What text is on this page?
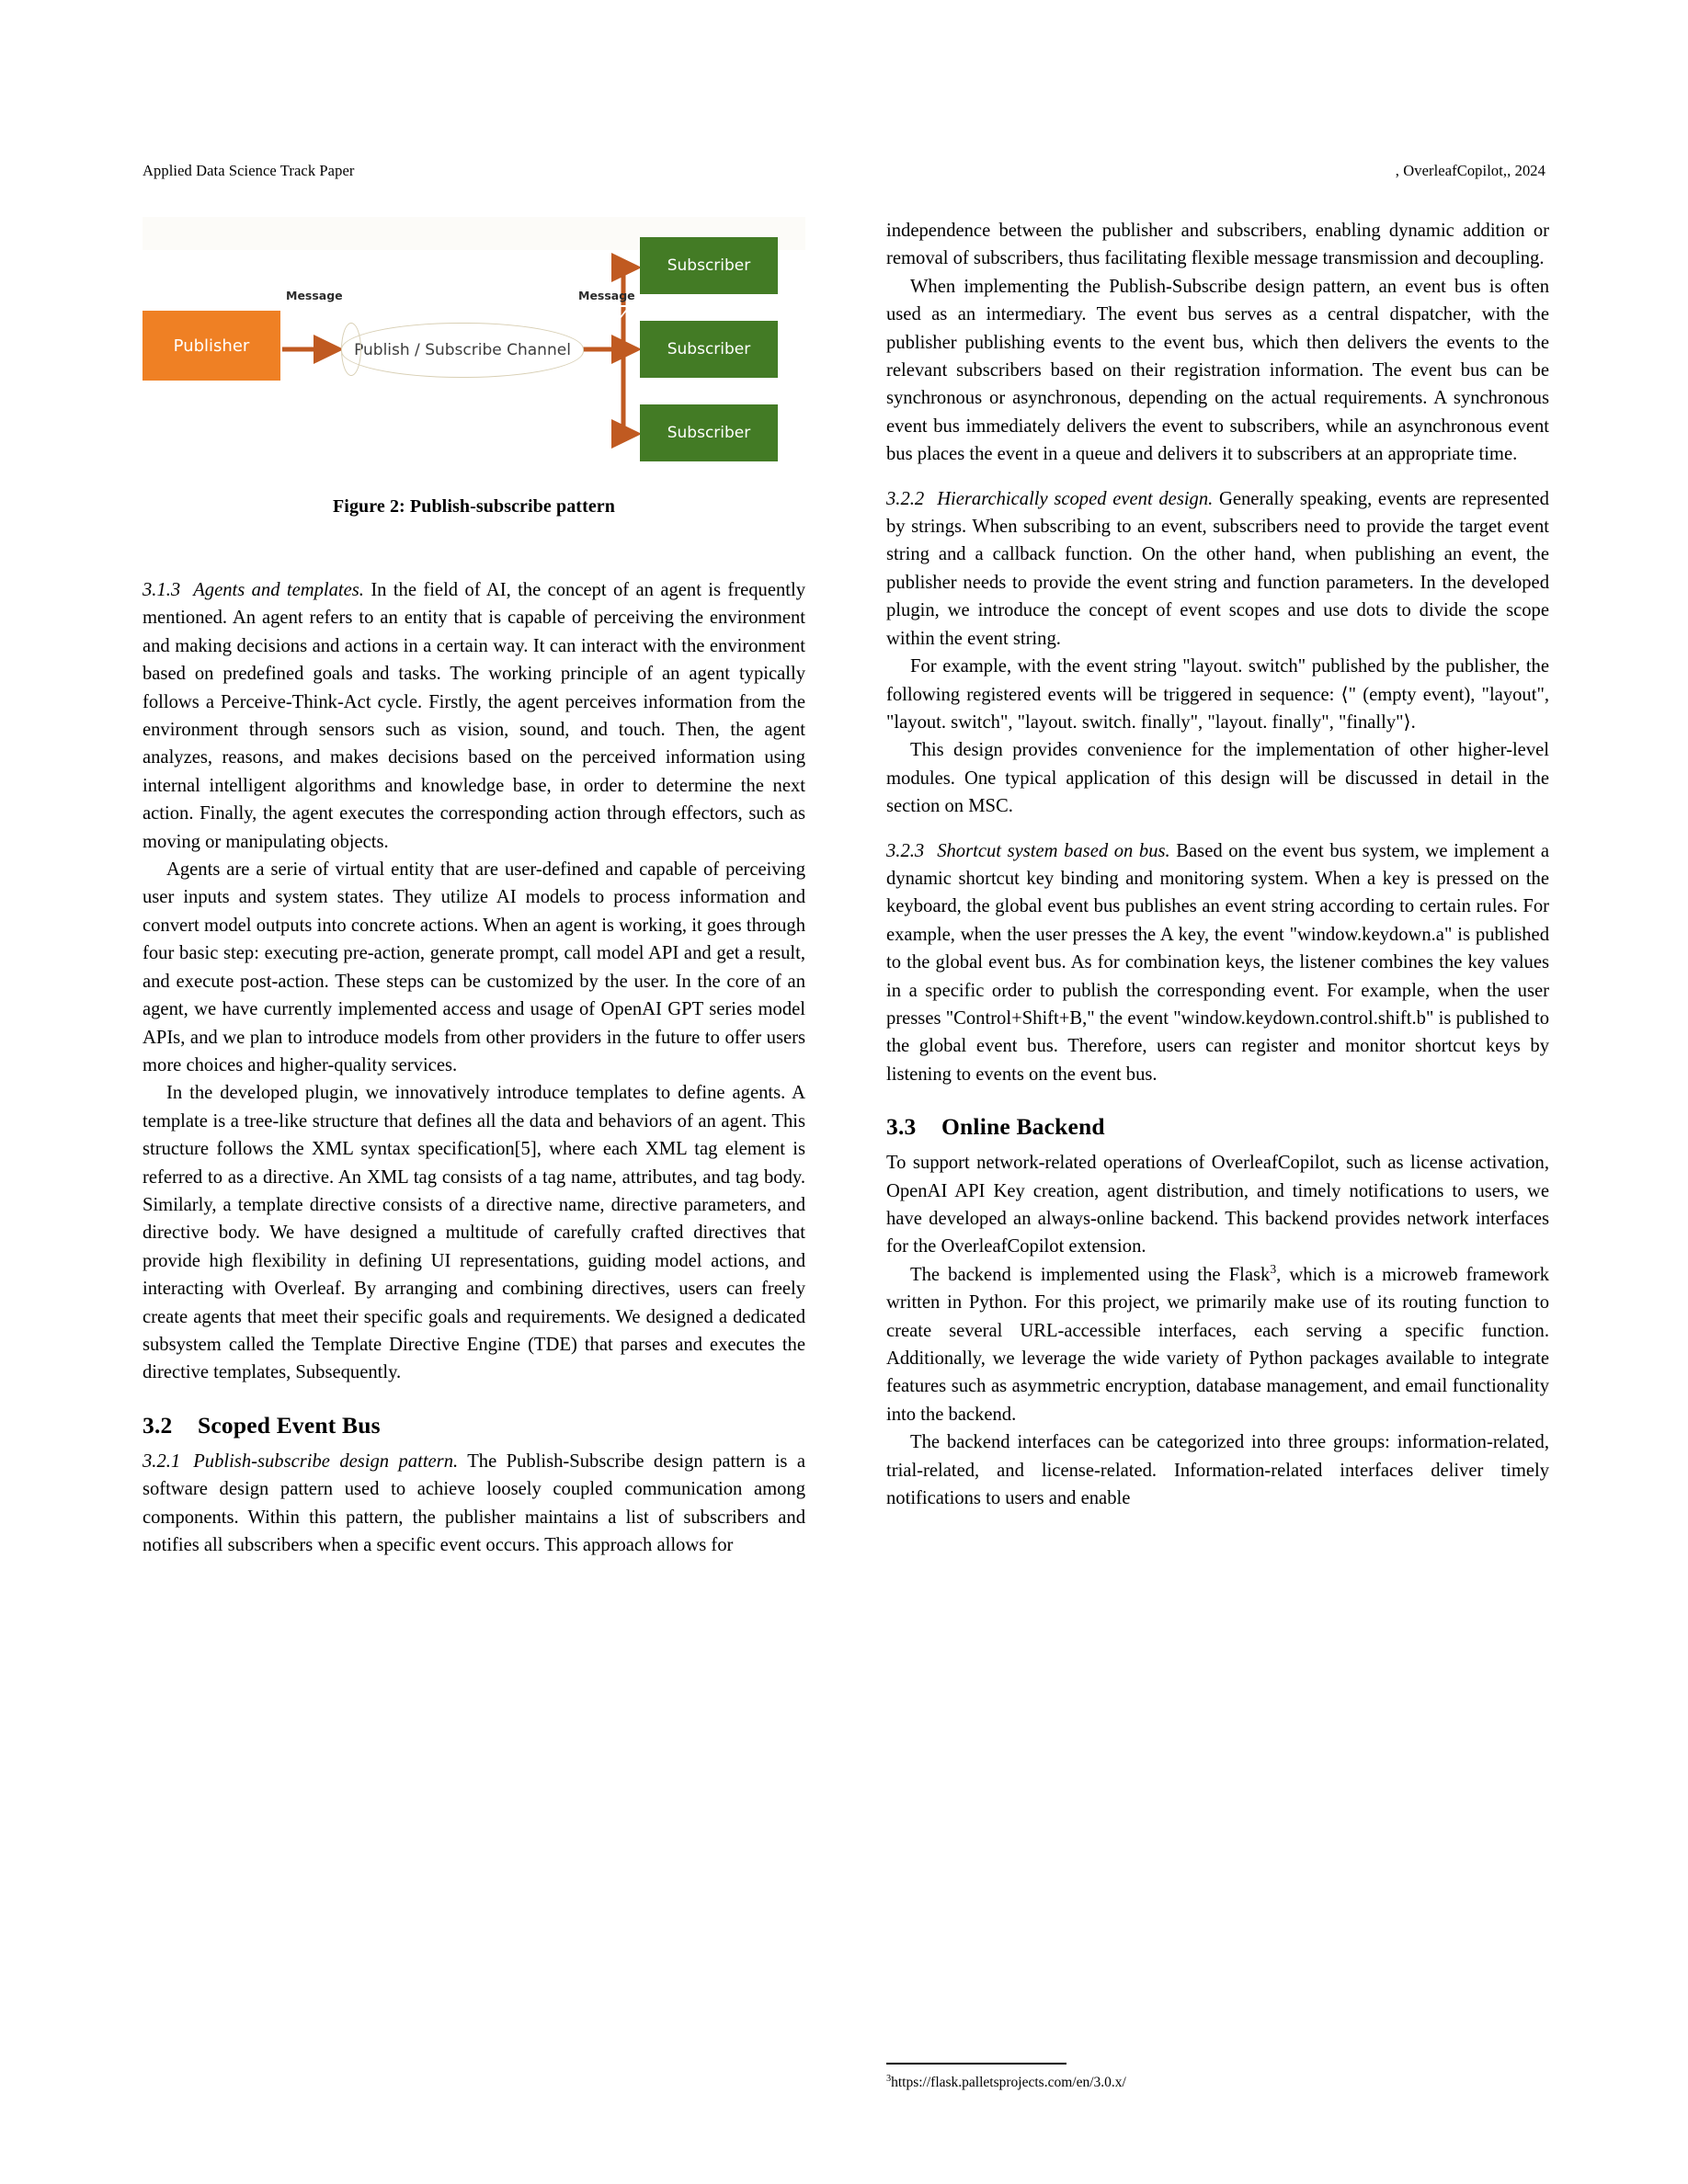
Applied Data Science Track Paper	, OverleafCopilot,, 2024
Publisher
Message
Publish / Subscribe Channel
Message
Subscriber
Subscriber
Subscriber
Figure 2: Publish-subscribe pattern

3.1.3 Agents and templates. In the field of AI, the concept of an agent is frequently mentioned. An agent refers to an entity that is capable of perceiving the environment and making decisions and actions in a certain way. It can interact with the environment based on predefined goals and tasks. The working principle of an agent typically follows a Perceive-Think-Act cycle. Firstly, the agent perceives information from the environment through sensors such as vision, sound, and touch. Then, the agent analyzes, reasons, and makes decisions based on the perceived information using internal intelligent algorithms and knowledge base, in order to determine the next action. Finally, the agent executes the corresponding action through effectors, such as moving or manipulating objects.

Agents are a serie of virtual entity that are user-defined and capable of perceiving user inputs and system states. They utilize AI models to process information and convert model outputs into concrete actions. When an agent is working, it goes through four basic step: executing pre-action, generate prompt, call model API and get a result, and execute post-action. These steps can be customized by the user. In the core of an agent, we have currently implemented access and usage of OpenAI GPT series model APIs, and we plan to introduce models from other providers in the future to offer users more choices and higher-quality services.

In the developed plugin, we innovatively introduce templates to define agents. A template is a tree-like structure that defines all the data and behaviors of an agent. This structure follows the XML syntax specification[5], where each XML tag element is referred to as a directive. An XML tag consists of a tag name, attributes, and tag body. Similarly, a template directive consists of a directive name, directive parameters, and directive body. We have designed a multitude of carefully crafted directives that provide high flexibility in defining UI representations, guiding model actions, and interacting with Overleaf. By arranging and combining directives, users can freely create agents that meet their specific goals and requirements. We designed a dedicated subsystem called the Template Directive Engine (TDE) that parses and executes the directive templates, Subsequently.

3.2 Scoped Event Bus

3.2.1 Publish-subscribe design pattern. The Publish-Subscribe design pattern is a software design pattern used to achieve loosely coupled communication among components. Within this pattern, the publisher maintains a list of subscribers and notifies all subscribers when a specific event occurs. This approach allows for

independence between the publisher and subscribers, enabling dynamic addition or removal of subscribers, thus facilitating flexible message transmission and decoupling.

When implementing the Publish-Subscribe design pattern, an event bus is often used as an intermediary. The event bus serves as a central dispatcher, with the publisher publishing events to the event bus, which then delivers the events to the relevant subscribers based on their registration information. The event bus can be synchronous or asynchronous, depending on the actual requirements. A synchronous event bus immediately delivers the event to subscribers, while an asynchronous event bus places the event in a queue and delivers it to subscribers at an appropriate time.

3.2.2 Hierarchically scoped event design. Generally speaking, events are represented by strings. When subscribing to an event, subscribers need to provide the target event string and a callback function. On the other hand, when publishing an event, the publisher needs to provide the event string and function parameters. In the developed plugin, we introduce the concept of event scopes and use dots to divide the scope within the event string.

For example, with the event string "layout. switch" published by the publisher, the following registered events will be triggered in sequence: ⟨" (empty event), "layout", "layout. switch", "layout. switch. finally", "layout. finally", "finally"⟩.

This design provides convenience for the implementation of other higher-level modules. One typical application of this design will be discussed in detail in the section on MSC.

3.2.3 Shortcut system based on bus. Based on the event bus system, we implement a dynamic shortcut key binding and monitoring system. When a key is pressed on the keyboard, the global event bus publishes an event string according to certain rules. For example, when the user presses the A key, the event "window.keydown.a" is published to the global event bus. As for combination keys, the listener combines the key values in a specific order to publish the corresponding event. For example, when the user presses "Control+Shift+B," the event "window.keydown.control.shift.b" is published to the global event bus. Therefore, users can register and monitor shortcut keys by listening to events on the event bus.

3.3 Online Backend

To support network-related operations of OverleafCopilot, such as license activation, OpenAI API Key creation, agent distribution, and timely notifications to users, we have developed an always-online backend. This backend provides network interfaces for the OverleafCopilot extension.

The backend is implemented using the Flask$^3$, which is a microweb framework written in Python. For this project, we primarily make use of its routing function to create several URL-accessible interfaces, each serving a specific function. Additionally, we leverage the wide variety of Python packages available to integrate features such as asymmetric encryption, database management, and email functionality into the backend.

The backend interfaces can be categorized into three groups: information-related, trial-related, and license-related. Information-related interfaces deliver timely notifications to users and enable

$^3$https://flask.palletsprojects.com/en/3.0.x/
